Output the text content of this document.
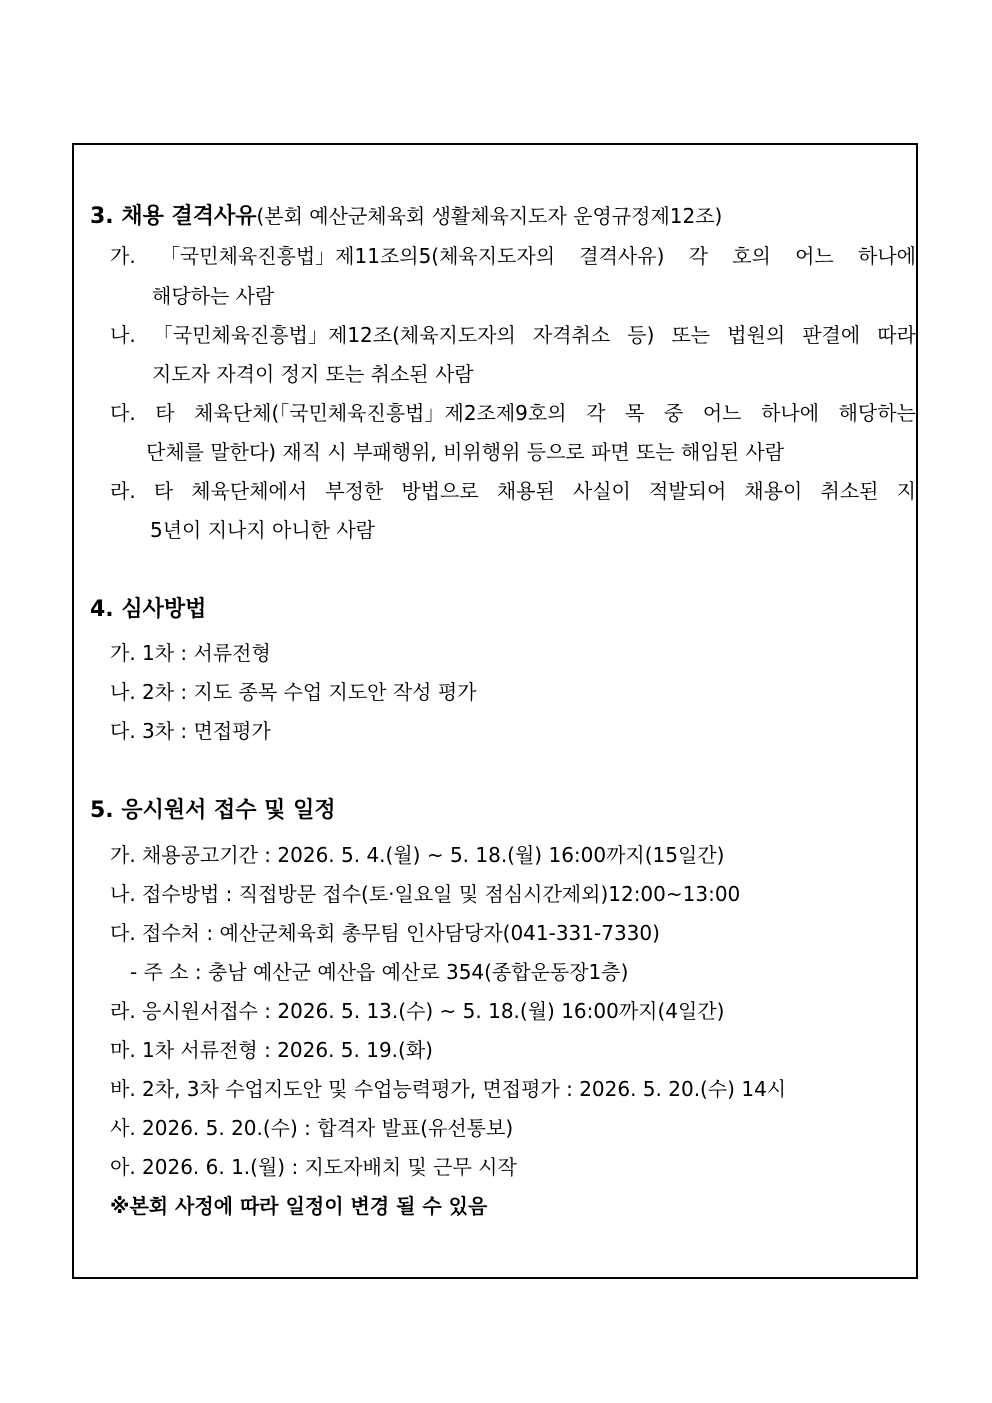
3. 채용 결격사유(본회 예산군체육회 생활체육지도자 운영규정제12조)
가. 「국민체육진흥법」제11조의5(체육지도자의 결격사유) 각 호의 어느 하나에
해당하는 사람
나. 「국민체육진흥법」제12조(체육지도자의 자격취소 등) 또는 법원의 판결에 따라
지도자 자격이 정지 또는 취소된 사람
다. 타 체육단체(「국민체육진흥법」제2조제9호의 각 목 중 어느 하나에 해당하는
단체를 말한다) 재직 시 부패행위, 비위행위 등으로 파면 또는 해임된 사람
라. 타 체육단체에서 부정한 방법으로 채용된 사실이 적발되어 채용이 취소된 지
5년이 지나지 아니한 사람
4. 심사방법
가. 1차 : 서류전형
나. 2차 : 지도 종목 수업 지도안 작성 평가
다. 3차 : 면접평가
5. 응시원서 접수 및 일정
가. 채용공고기간 : 2026. 5. 4.(월) ~ 5. 18.(월) 16:00까지(15일간)
나. 접수방법 : 직접방문 접수(토·일요일 및 점심시간제외)12:00~13:00
다. 접수처 : 예산군체육회 총무팀 인사담당자(041-331-7330)
- 주 소 : 충남 예산군 예산읍 예산로 354(종합운동장1층)
라. 응시원서접수 : 2026. 5. 13.(수) ~ 5. 18.(월) 16:00까지(4일간)
마. 1차 서류전형 : 2026. 5. 19.(화)
바. 2차, 3차 수업지도안 및 수업능력평가, 면접평가 : 2026. 5. 20.(수) 14시
사. 2026. 5. 20.(수) : 합격자 발표(유선통보)
아. 2026. 6. 1.(월) : 지도자배치 및 근무 시작
※본회 사정에 따라 일정이 변경 될 수 있음
